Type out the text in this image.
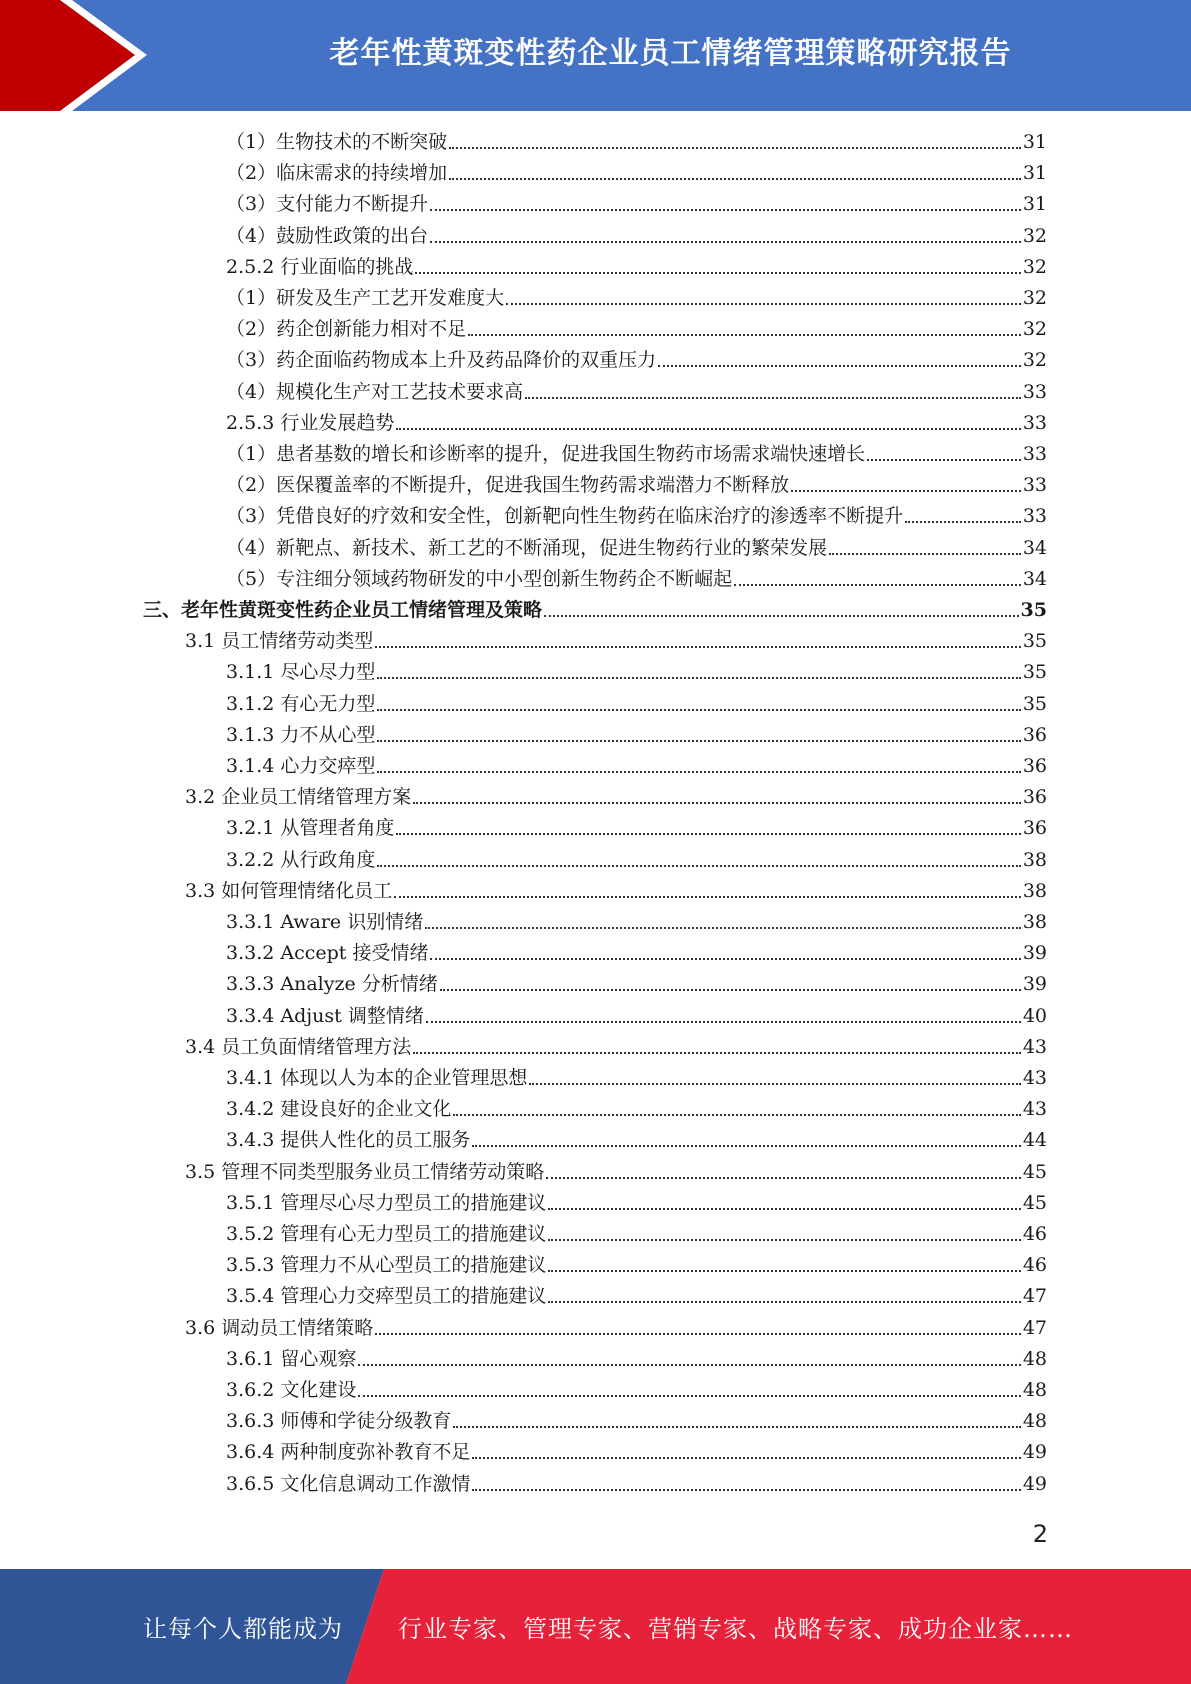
老年性黄斑变性药企业员工情绪管理策略研究报告
（1）生物技术的不断突破	31
（2）临床需求的持续增加	31
（3）支付能力不断提升	31
（4）鼓励性政策的出台	32
2.5.2 行业面临的挑战	32
（1）研发及生产工艺开发难度大	32
（2）药企创新能力相对不足	32
（3）药企面临药物成本上升及药品降价的双重压力	32
（4）规模化生产对工艺技术要求高	33
2.5.3 行业发展趋势	33
（1）患者基数的增长和诊断率的提升，促进我国生物药市场需求端快速增长	33
（2）医保覆盖率的不断提升，促进我国生物药需求端潜力不断释放	33
（3）凭借良好的疗效和安全性，创新靶向性生物药在临床治疗的渗透率不断提升	33
（4）新靶点、新技术、新工艺的不断涌现，促进生物药行业的繁荣发展	34
（5）专注细分领域药物研发的中小型创新生物药企不断崛起	34
三、老年性黄斑变性药企业员工情绪管理及策略	35
3.1 员工情绪劳动类型	35
3.1.1 尽心尽力型	35
3.1.2 有心无力型	35
3.1.3 力不从心型	36
3.1.4 心力交瘁型	36
3.2 企业员工情绪管理方案	36
3.2.1 从管理者角度	36
3.2.2 从行政角度	38
3.3 如何管理情绪化员工	38
3.3.1 Aware 识别情绪	38
3.3.2 Accept 接受情绪	39
3.3.3 Analyze 分析情绪	39
3.3.4 Adjust 调整情绪	40
3.4 员工负面情绪管理方法	43
3.4.1 体现以人为本的企业管理思想	43
3.4.2 建设良好的企业文化	43
3.4.3 提供人性化的员工服务	44
3.5 管理不同类型服务业员工情绪劳动策略	45
3.5.1 管理尽心尽力型员工的措施建议	45
3.5.2 管理有心无力型员工的措施建议	46
3.5.3 管理力不从心型员工的措施建议	46
3.5.4 管理心力交瘁型员工的措施建议	47
3.6 调动员工情绪策略	47
3.6.1 留心观察	48
3.6.2 文化建设	48
3.6.3 师傅和学徒分级教育	48
3.6.4 两种制度弥补教育不足	49
3.6.5 文化信息调动工作激情	49
2
让每个人都能成为 行业专家、管理专家、营销专家、战略专家、成功企业家……
